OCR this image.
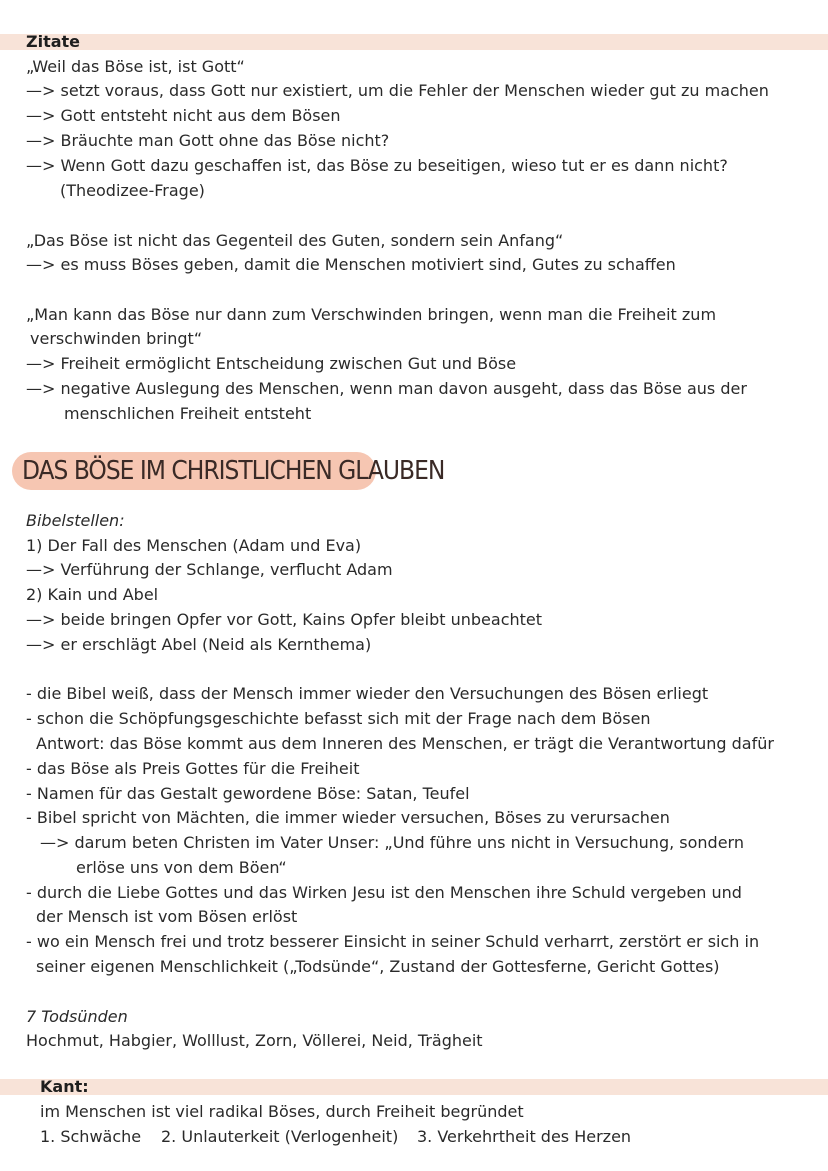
Zitate
„Weil das Böse ist, ist Gott“
—> setzt voraus, dass Gott nur existiert, um die Fehler der Menschen wieder gut zu machen
—> Gott entsteht nicht aus dem Bösen
—> Bräuchte man Gott ohne das Böse nicht?
—> Wenn Gott dazu geschaffen ist, das Böse zu beseitigen, wieso tut er es dann nicht?
(Theodizee-Frage)
„Das Böse ist nicht das Gegenteil des Guten, sondern sein Anfang“
—> es muss Böses geben, damit die Menschen motiviert sind, Gutes zu schaffen
„Man kann das Böse nur dann zum Verschwinden bringen, wenn man die Freiheit zum
verschwinden bringt“
—> Freiheit ermöglicht Entscheidung zwischen Gut und Böse
—> negative Auslegung des Menschen, wenn man davon ausgeht, dass das Böse aus der
menschlichen Freiheit entsteht
DAS BÖSE IM CHRISTLICHEN GLAUBEN
Bibelstellen:
1) Der Fall des Menschen (Adam und Eva)
—> Verführung der Schlange, verflucht Adam
2) Kain und Abel
—> beide bringen Opfer vor Gott, Kains Opfer bleibt unbeachtet
—> er erschlägt Abel (Neid als Kernthema)
- die Bibel weiß, dass der Mensch immer wieder den Versuchungen des Bösen erliegt
- schon die Schöpfungsgeschichte befasst sich mit der Frage nach dem Bösen
Antwort: das Böse kommt aus dem Inneren des Menschen, er trägt die Verantwortung dafür
- das Böse als Preis Gottes für die Freiheit
- Namen für das Gestalt gewordene Böse: Satan, Teufel
- Bibel spricht von Mächten, die immer wieder versuchen, Böses zu verursachen
—> darum beten Christen im Vater Unser: „Und führe uns nicht in Versuchung, sondern
erlöse uns von dem Böen“
- durch die Liebe Gottes und das Wirken Jesu ist den Menschen ihre Schuld vergeben und
der Mensch ist vom Bösen erlöst
- wo ein Mensch frei und trotz besserer Einsicht in seiner Schuld verharrt, zerstört er sich in
seiner eigenen Menschlichkeit („Todsünde“, Zustand der Gottesferne, Gericht Gottes)
7 Todsünden
Hochmut, Habgier, Wolllust, Zorn, Völlerei, Neid, Trägheit
Kant:
im Menschen ist viel radikal Böses, durch Freiheit begründet
1. Schwäche 2. Unlauterkeit (Verlogenheit) 3. Verkehrtheit des Herzen
